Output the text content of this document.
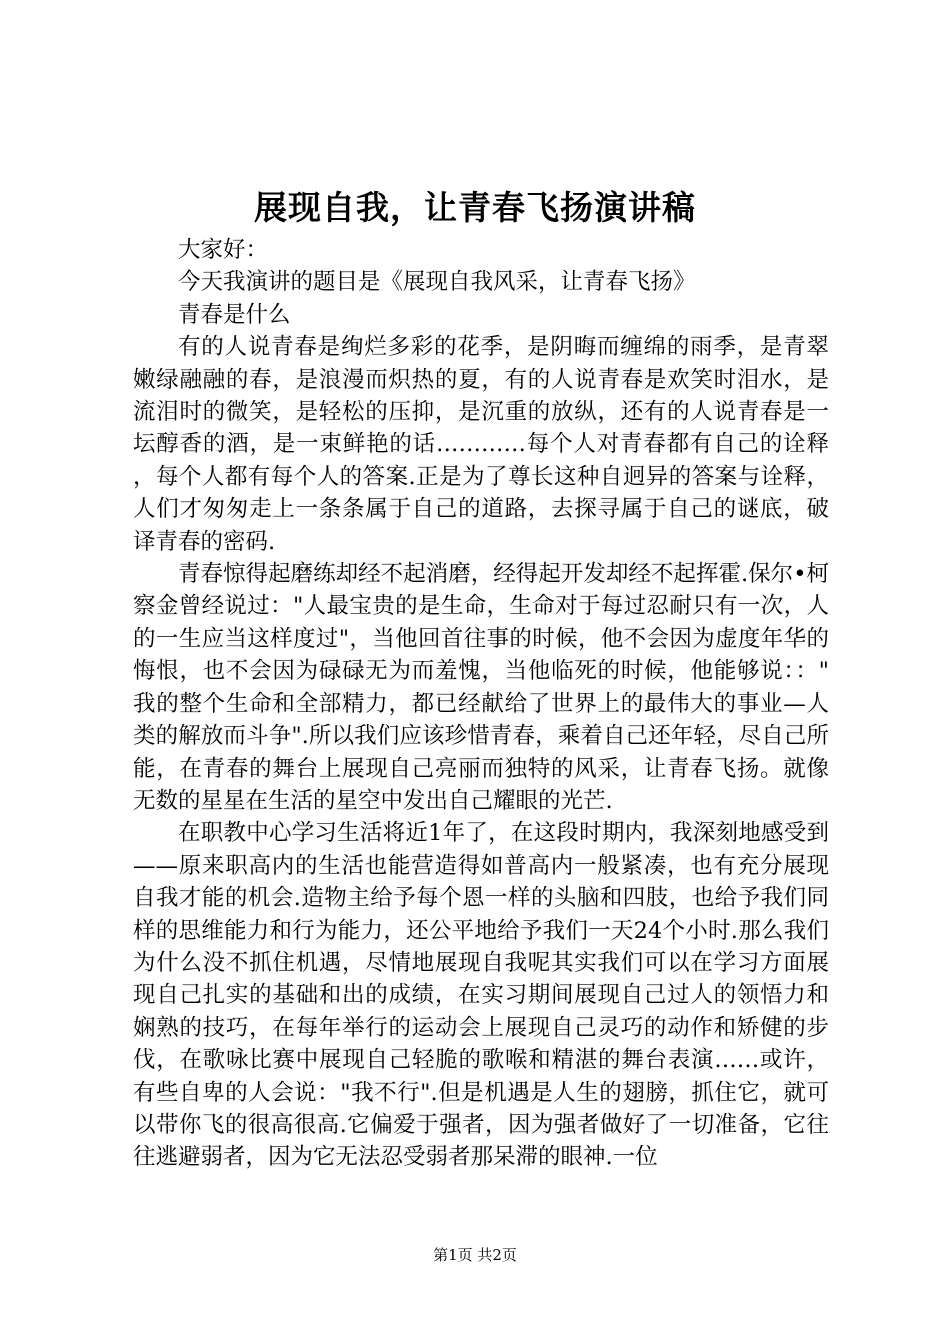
展现自我，让青春飞扬演讲稿

大家好：

今天我演讲的题目是《展现自我风采，让青春飞扬》

青春是什么

有的人说青春是绚烂多彩的花季，是阴晦而缠绵的雨季，是青翠嫩绿融融的春，是浪漫而炽热的夏，有的人说青春是欢笑时泪水，是流泪时的微笑，是轻松的压抑，是沉重的放纵，还有的人说青春是一坛醇香的酒，是一束鲜艳的话…………每个人对青春都有自己的诠释，每个人都有每个人的答案.正是为了尊长这种自迥异的答案与诠释，人们才匆匆走上一条条属于自己的道路，去探寻属于自己的谜底，破译青春的密码.

青春惊得起磨练却经不起消磨，经得起开发却经不起挥霍.保尔•柯察金曾经说过："人最宝贵的是生命，生命对于每过忍耐只有一次，人的一生应当这样度过"，当他回首往事的时候，他不会因为虚度年华的悔恨，也不会因为碌碌无为而羞愧，当他临死的时候，他能够说：："我的整个生命和全部精力，都已经献给了世界上的最伟大的事业—人类的解放而斗争".所以我们应该珍惜青春，乘着自己还年轻，尽自己所能，在青春的舞台上展现自己亮丽而独特的风采，让青春飞扬。就像无数的星星在生活的星空中发出自己耀眼的光芒.

在职教中心学习生活将近1年了，在这段时期内，我深刻地感受到——原来职高内的生活也能营造得如普高内一般紧凑，也有充分展现自我才能的机会.造物主给予每个恩一样的头脑和四肢，也给予我们同样的思维能力和行为能力，还公平地给予我们一天24个小时.那么我们为什么没不抓住机遇，尽情地展现自我呢其实我们可以在学习方面展现自己扎实的基础和出的成绩，在实习期间展现自己过人的领悟力和娴熟的技巧，在每年举行的运动会上展现自己灵巧的动作和矫健的步伐，在歌咏比赛中展现自己轻脆的歌喉和精湛的舞台表演……或许，有些自卑的人会说："我不行".但是机遇是人生的翅膀，抓住它，就可以带你飞的很高很高.它偏爱于强者，因为强者做好了一切准备，它往往逃避弱者，因为它无法忍受弱者那呆滞的眼神.一位

第1页 共2页
